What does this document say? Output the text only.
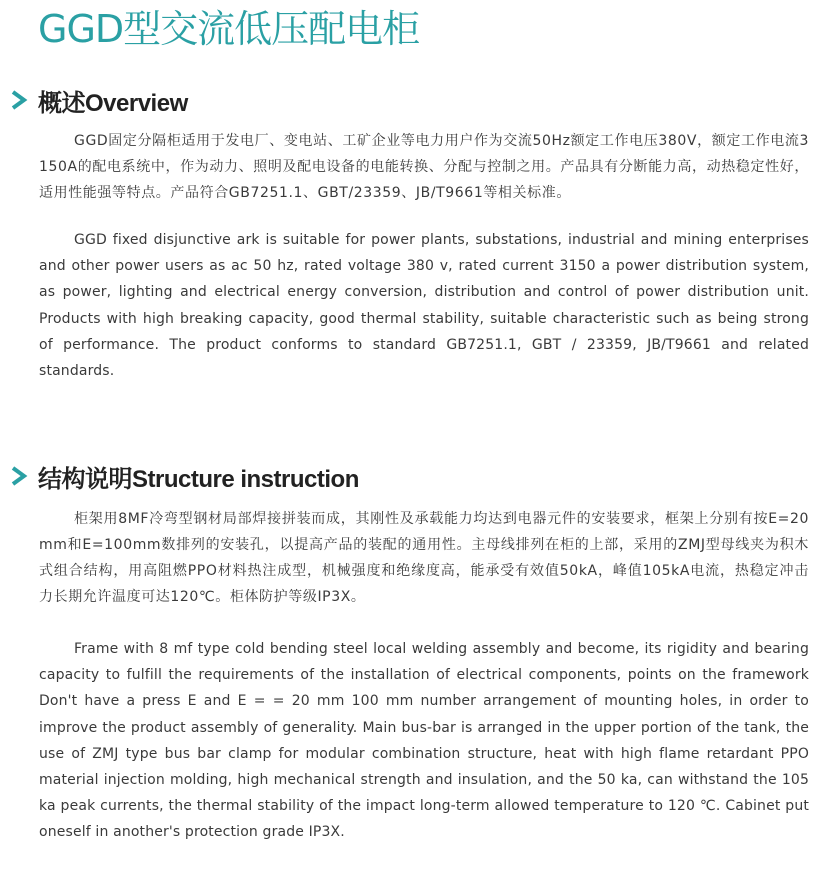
GGD型交流低压配电柜
概述Overview

GGD固定分隔柜适用于发电厂、变电站、工矿企业等电力用户作为交流50Hz额定工作电压380V，额定工作电流3150A的配电系统中，作为动力、照明及配电设备的电能转换、分配与控制之用。产品具有分断能力高，动热稳定性好，适用性能强等特点。产品符合GB7251.1、GBT/23359、JB/T9661等相关标准。

GGD fixed disjunctive ark is suitable for power plants, substations, industrial and mining enterprises and other power users as ac 50 hz, rated voltage 380 v, rated current 3150 a power distribution system, as power, lighting and electrical energy conversion, distribution and control of power distribution unit. Products with high breaking capacity, good thermal stability, suitable characteristic such as being strong of performance. The product conforms to standard GB7251.1, GBT / 23359, JB/T9661 and related standards.

结构说明Structure instruction

柜架用8MF冷弯型钢材局部焊接拼装而成，其刚性及承载能力均达到电器元件的安装要求，框架上分别有按E=20mm和E=100mm数排列的安装孔，以提高产品的装配的通用性。主母线排列在柜的上部，采用的ZMJ型母线夹为积木式组合结构，用高阻燃PPO材料热注成型，机械强度和绝缘度高，能承受有效值50kA，峰值105kA电流，热稳定冲击力长期允许温度可达120℃。柜体防护等级IP3X。

Frame with 8 mf type cold bending steel local welding assembly and become, its rigidity and bearing capacity to fulfill the requirements of the installation of electrical components, points on the framework Don't have a press E and E = = 20 mm 100 mm number arrangement of mounting holes, in order to improve the product assembly of generality. Main bus-bar is arranged in the upper portion of the tank, the use of ZMJ type bus bar clamp for modular combination structure, heat with high flame retardant PPO material injection molding, high mechanical strength and insulation, and the 50 ka, can withstand the 105 ka peak currents, the thermal stability of the impact long-term allowed temperature to 120 ℃. Cabinet put oneself in another's protection grade IP3X.
